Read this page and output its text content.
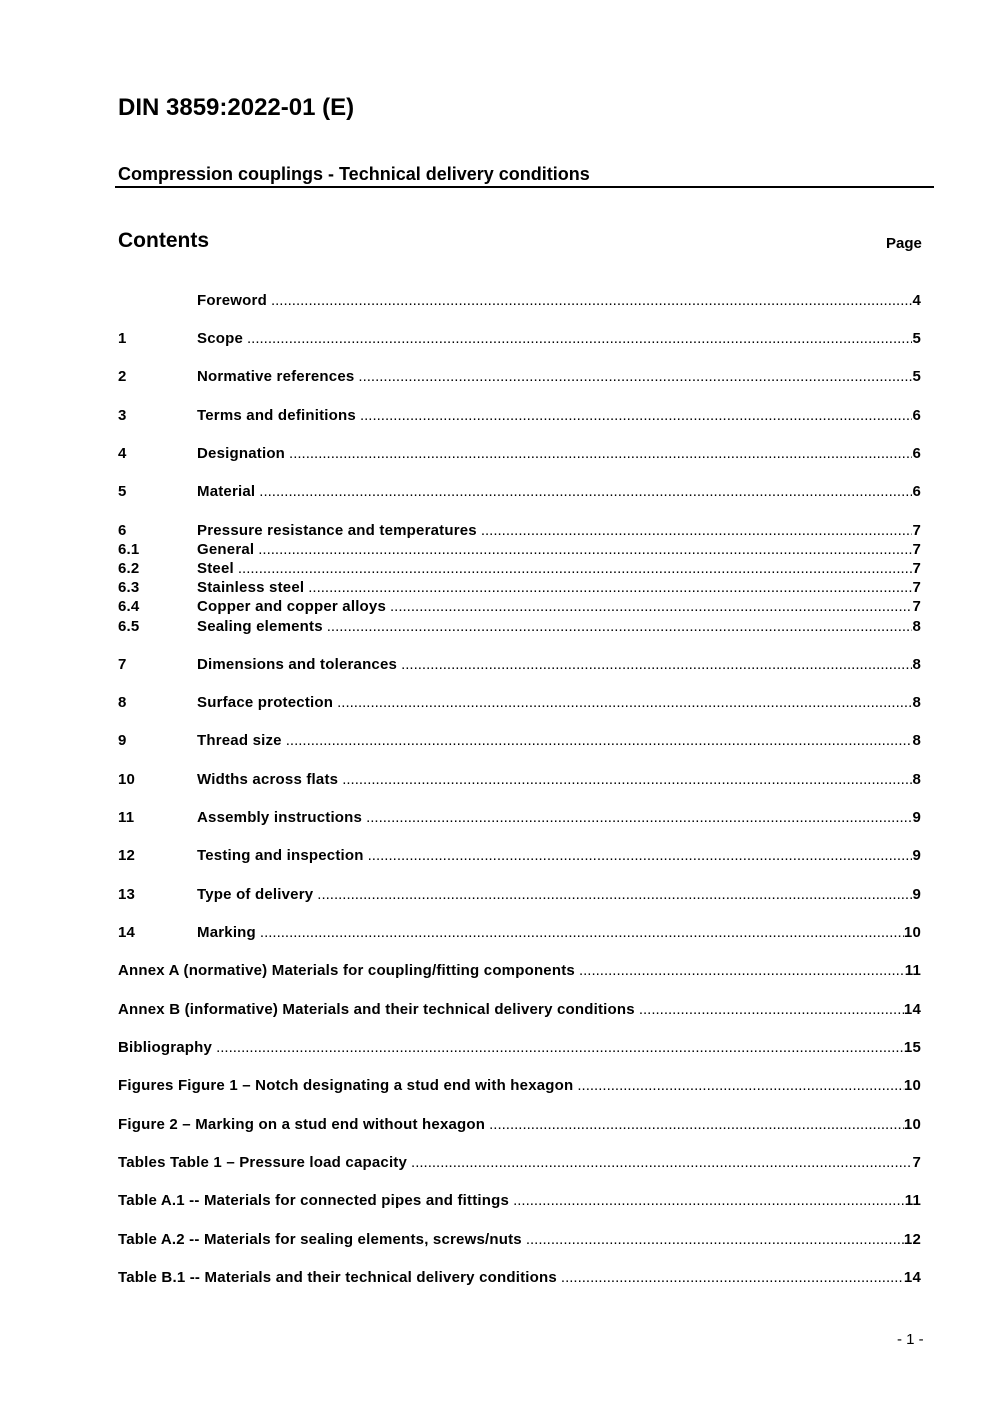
DIN 3859:2022-01 (E)
Compression couplings - Technical delivery conditions
Contents	Page
Foreword .....	4
1	Scope .....	5
2	Normative references .....	5
3	Terms and definitions .....	6
4	Designation .....	6
5	Material .....	6
6	Pressure resistance and temperatures .....	7
6.1	General .....	7
6.2	Steel .....	7
6.3	Stainless steel .....	7
6.4	Copper and copper alloys .....	7
6.5	Sealing elements .....	8
7	Dimensions and tolerances .....	8
8	Surface protection .....	8
9	Thread size .....	8
10	Widths across flats .....	8
11	Assembly instructions .....	9
12	Testing and inspection .....	9
13	Type of delivery .....	9
14	Marking .....	10
Annex A (normative) Materials for coupling/fitting components .....	11
Annex B (informative) Materials and their technical delivery conditions .....	14
Bibliography .....	15
Figures Figure 1 – Notch designating a stud end with hexagon .....	10
Figure 2 – Marking on a stud end without hexagon .....	10
Tables Table 1 – Pressure load capacity .....	7
Table A.1 -- Materials for connected pipes and fittings .....	11
Table A.2 -- Materials for sealing elements, screws/nuts .....	12
Table B.1 -- Materials and their technical delivery conditions .....	14
- 1 -
